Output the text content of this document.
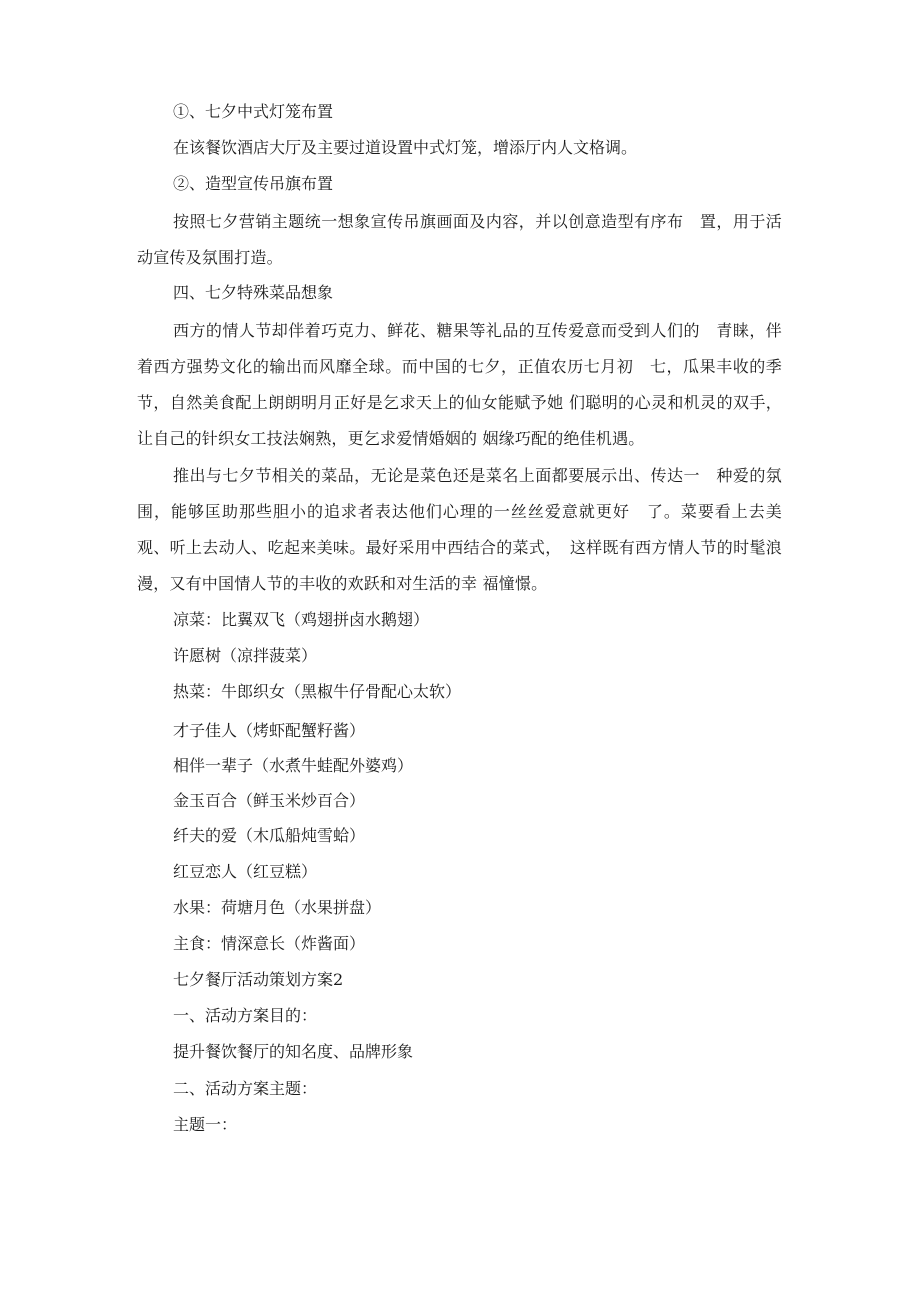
①、七夕中式灯笼布置
在该餐饮酒店大厅及主要过道设置中式灯笼，增添厅内人文格调。
②、造型宣传吊旗布置
按照七夕营销主题统一想象宣传吊旗画面及内容，并以创意造型有序布　置，用于活动宣传及氛围打造。
四、七夕特殊菜品想象
西方的情人节却伴着巧克力、鲜花、糖果等礼品的互传爱意而受到人们的　青睐，伴着西方强势文化的输出而风靡全球。而中国的七夕，正值农历七月初　七，瓜果丰收的季节，自然美食配上朗朗明月正好是乞求天上的仙女能赋予她 们聪明的心灵和机灵的双手，让自己的针织女工技法娴熟，更乞求爱情婚姻的 姻缘巧配的绝佳机遇。
推出与七夕节相关的菜品，无论是菜色还是菜名上面都要展示出、传达一　种爱的氛围，能够匡助那些胆小的追求者表达他们心理的一丝丝爱意就更好　了。菜要看上去美观、听上去动人、吃起来美味。最好采用中西结合的菜式，　这样既有西方情人节的时髦浪漫，又有中国情人节的丰收的欢跃和对生活的幸 福憧憬。
凉菜：比翼双飞（鸡翅拼卤水鹅翅）
许愿树（凉拌菠菜）
热菜：牛郎织女（黑椒牛仔骨配心太软）
才子佳人（烤虾配蟹籽酱）
相伴一辈子（水煮牛蛙配外婆鸡）
金玉百合（鲜玉米炒百合）
纤夫的爱（木瓜船炖雪蛤）
红豆恋人（红豆糕）
水果：荷塘月色（水果拼盘）
主食：情深意长（炸酱面）
七夕餐厅活动策划方案2
一、活动方案目的：
提升餐饮餐厅的知名度、品牌形象
二、活动方案主题：
主题一：
